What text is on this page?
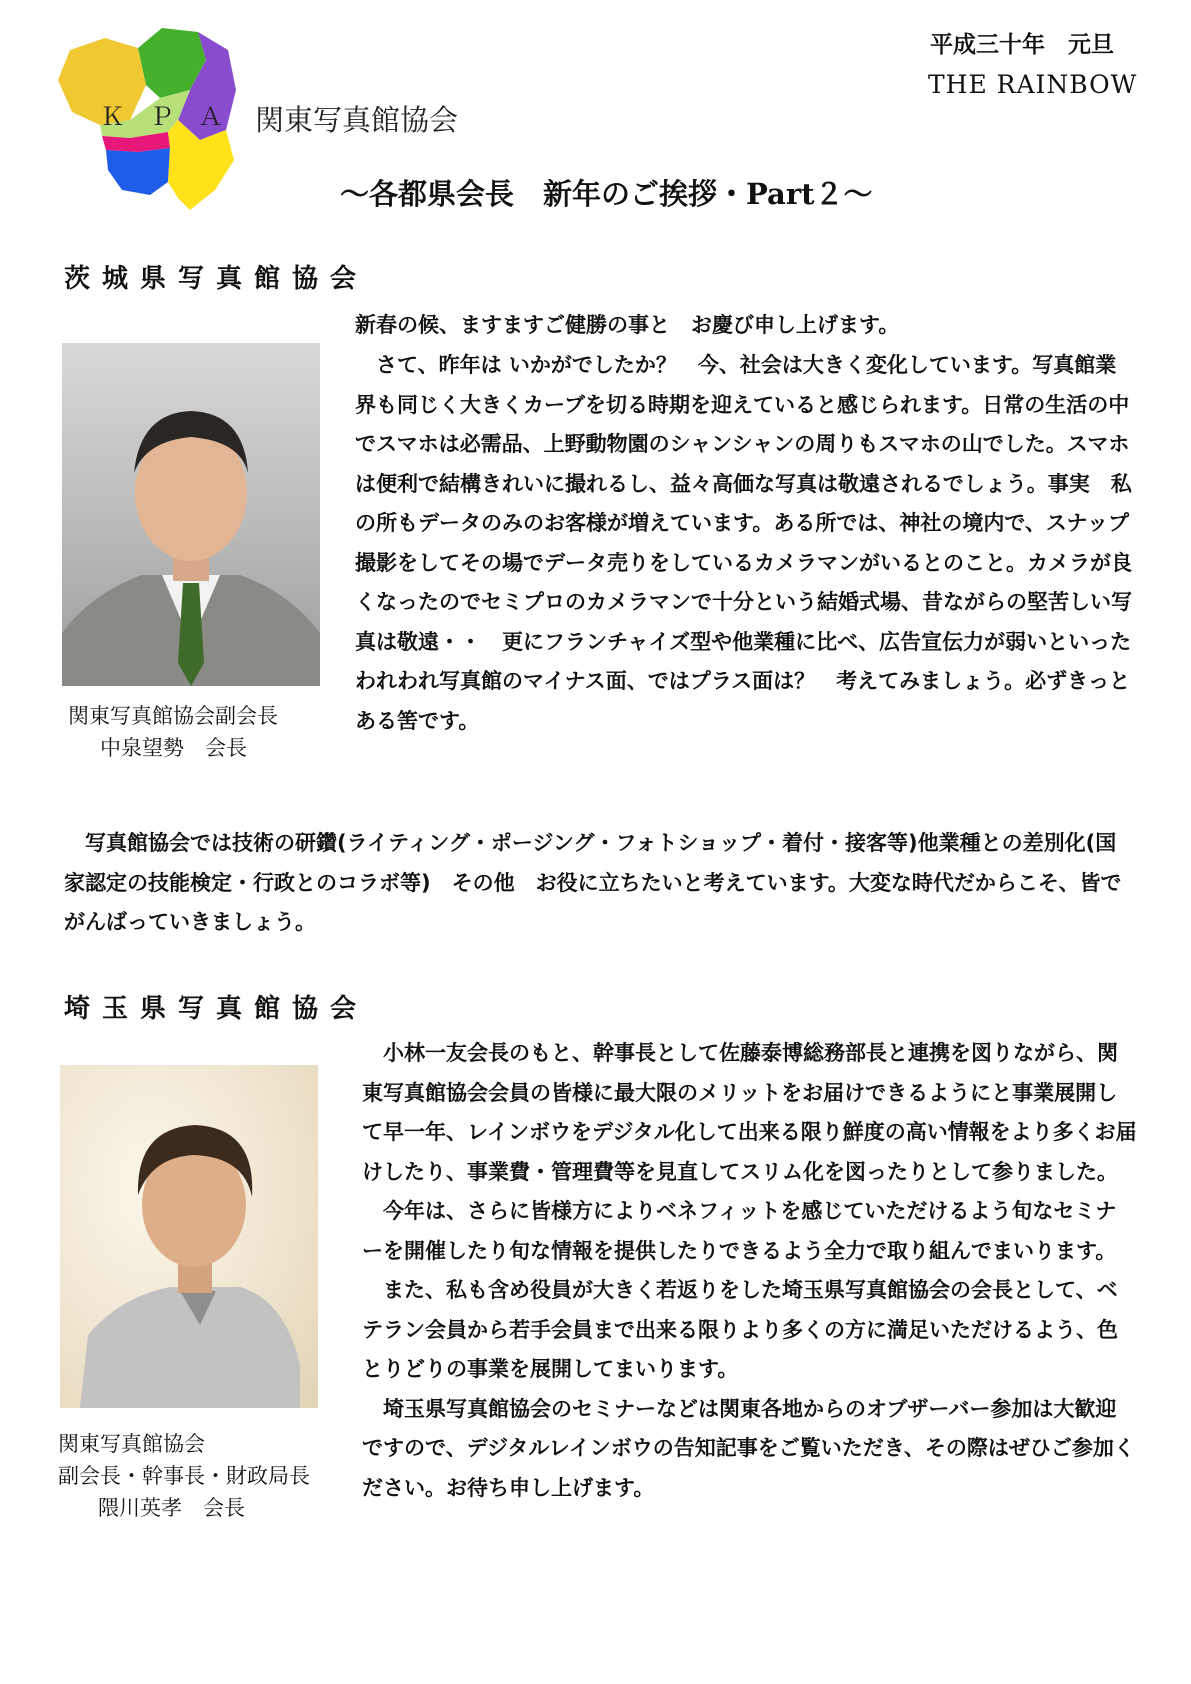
ＫＰＡ 関東写真館協会
平成三十年　元旦
THE RAINBOW
～各都県会長　新年のご挨拶・Part２～
茨城県写真館協会
関東写真館協会副会長
中泉望勢　会長

新春の候、ますますご健勝の事と　お慶び申し上げます。

　さて、昨年は いかがでしたか？　今、社会は大きく変化しています。写真館業界も同じく大きくカーブを切る時期を迎えていると感じられます。日常の生活の中でスマホは必需品、上野動物園のシャンシャンの周りもスマホの山でした。スマホは便利で結構きれいに撮れるし、益々高価な写真は敬遠されるでしょう。事実　私の所もデータのみのお客様が増えています。ある所では、神社の境内で、スナップ撮影をしてその場でデータ売りをしているカメラマンがいるとのこと。カメラが良くなったのでセミプロのカメラマンで十分という結婚式場、昔ながらの堅苦しい写真は敬遠・・　更にフランチャイズ型や他業種に比べ、広告宣伝力が弱いといったわれわれ写真館のマイナス面、ではプラス面は？　考えてみましょう。必ずきっとある筈です。

　写真館協会では技術の研鑽(ライティング・ポージング・フォトショップ・着付・接客等)他業種との差別化(国家認定の技能検定・行政とのコラボ等)　その他　お役に立ちたいと考えています。大変な時代だからこそ、皆でがんばっていきましょう。

埼玉県写真館協会
関東写真館協会
副会長・幹事長・財政局長
隈川英孝　会長

　小林一友会長のもと、幹事長として佐藤泰博総務部長と連携を図りながら、関東写真館協会会員の皆様に最大限のメリットをお届けできるようにと事業展開して早一年、レインボウをデジタル化して出来る限り鮮度の高い情報をより多くお届けしたり、事業費・管理費等を見直してスリム化を図ったりとして参りました。

　今年は、さらに皆様方によりベネフィットを感じていただけるよう旬なセミナーを開催したり旬な情報を提供したりできるよう全力で取り組んでまいります。

　また、私も含め役員が大きく若返りをした埼玉県写真館協会の会長として、ベテラン会員から若手会員まで出来る限りより多くの方に満足いただけるよう、色とりどりの事業を展開してまいります。

　埼玉県写真館協会のセミナーなどは関東各地からのオブザーバー参加は大歓迎ですので、デジタルレインボウの告知記事をご覧いただき、その際はぜひご参加ください。お待ち申し上げます。
